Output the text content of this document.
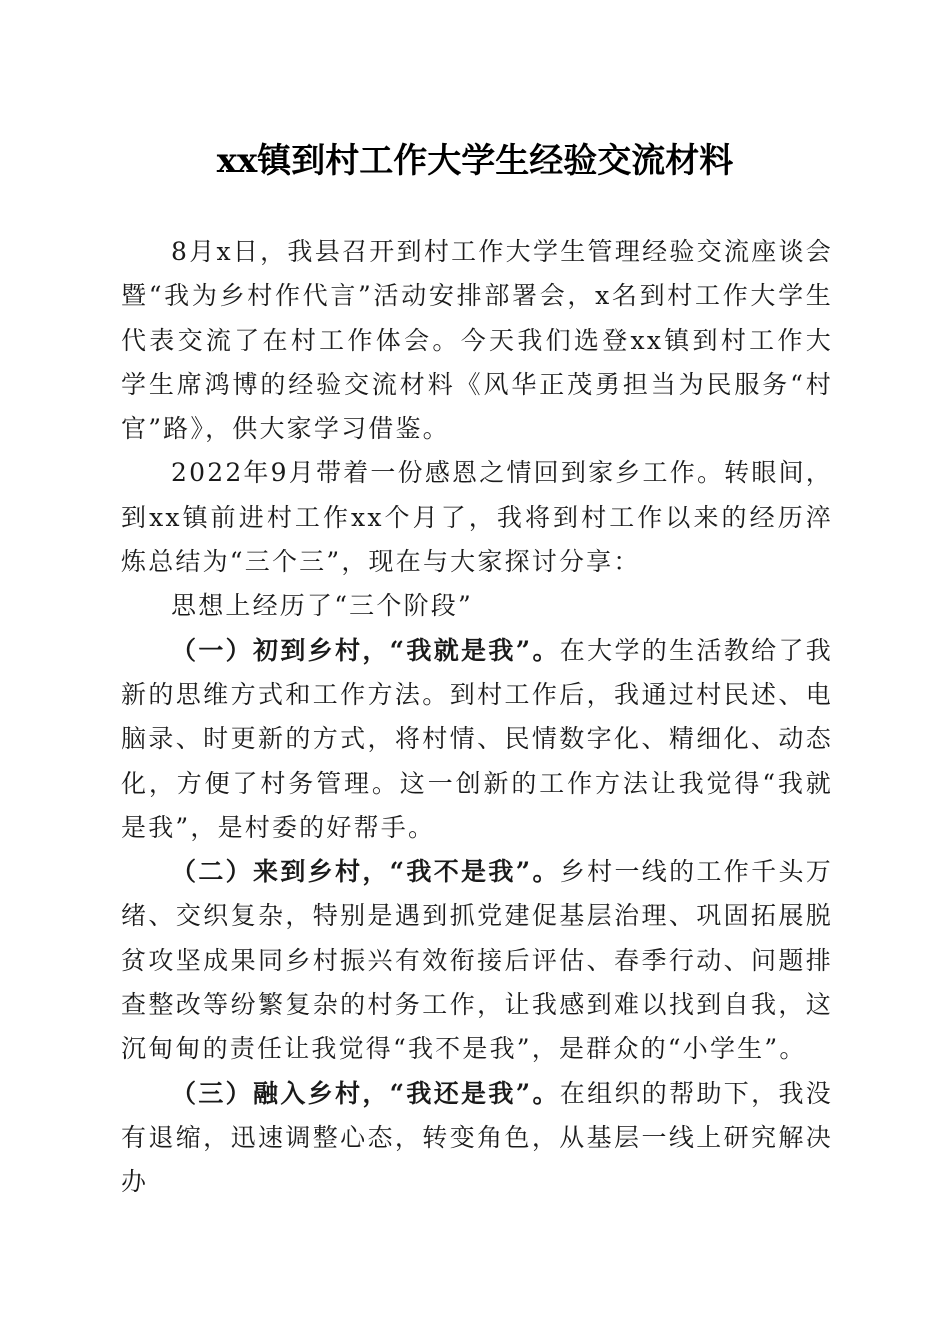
xx镇到村工作大学生经验交流材料

8月x日，我县召开到村工作大学生管理经验交流座谈会暨“我为乡村作代言”活动安排部署会，x名到村工作大学生代表交流了在村工作体会。今天我们选登xx镇到村工作大学生席鸿博的经验交流材料《风华正茂勇担当为民服务“村官”路》，供大家学习借鉴。

2022年9月带着一份感恩之情回到家乡工作。转眼间，到xx镇前进村工作xx个月了，我将到村工作以来的经历淬炼总结为“三个三”，现在与大家探讨分享：

思想上经历了“三个阶段”

（一）初到乡村，“我就是我”。在大学的生活教给了我新的思维方式和工作方法。到村工作后，我通过村民述、电脑录、时更新的方式，将村情、民情数字化、精细化、动态化，方便了村务管理。这一创新的工作方法让我觉得“我就是我”，是村委的好帮手。

（二）来到乡村，“我不是我”。乡村一线的工作千头万绪、交织复杂，特别是遇到抓党建促基层治理、巩固拓展脱贫攻坚成果同乡村振兴有效衔接后评估、春季行动、问题排查整改等纷繁复杂的村务工作，让我感到难以找到自我，这沉甸甸的责任让我觉得“我不是我”，是群众的“小学生”。

（三）融入乡村，“我还是我”。在组织的帮助下，我没有退缩，迅速调整心态，转变角色，从基层一线上研究解决办
